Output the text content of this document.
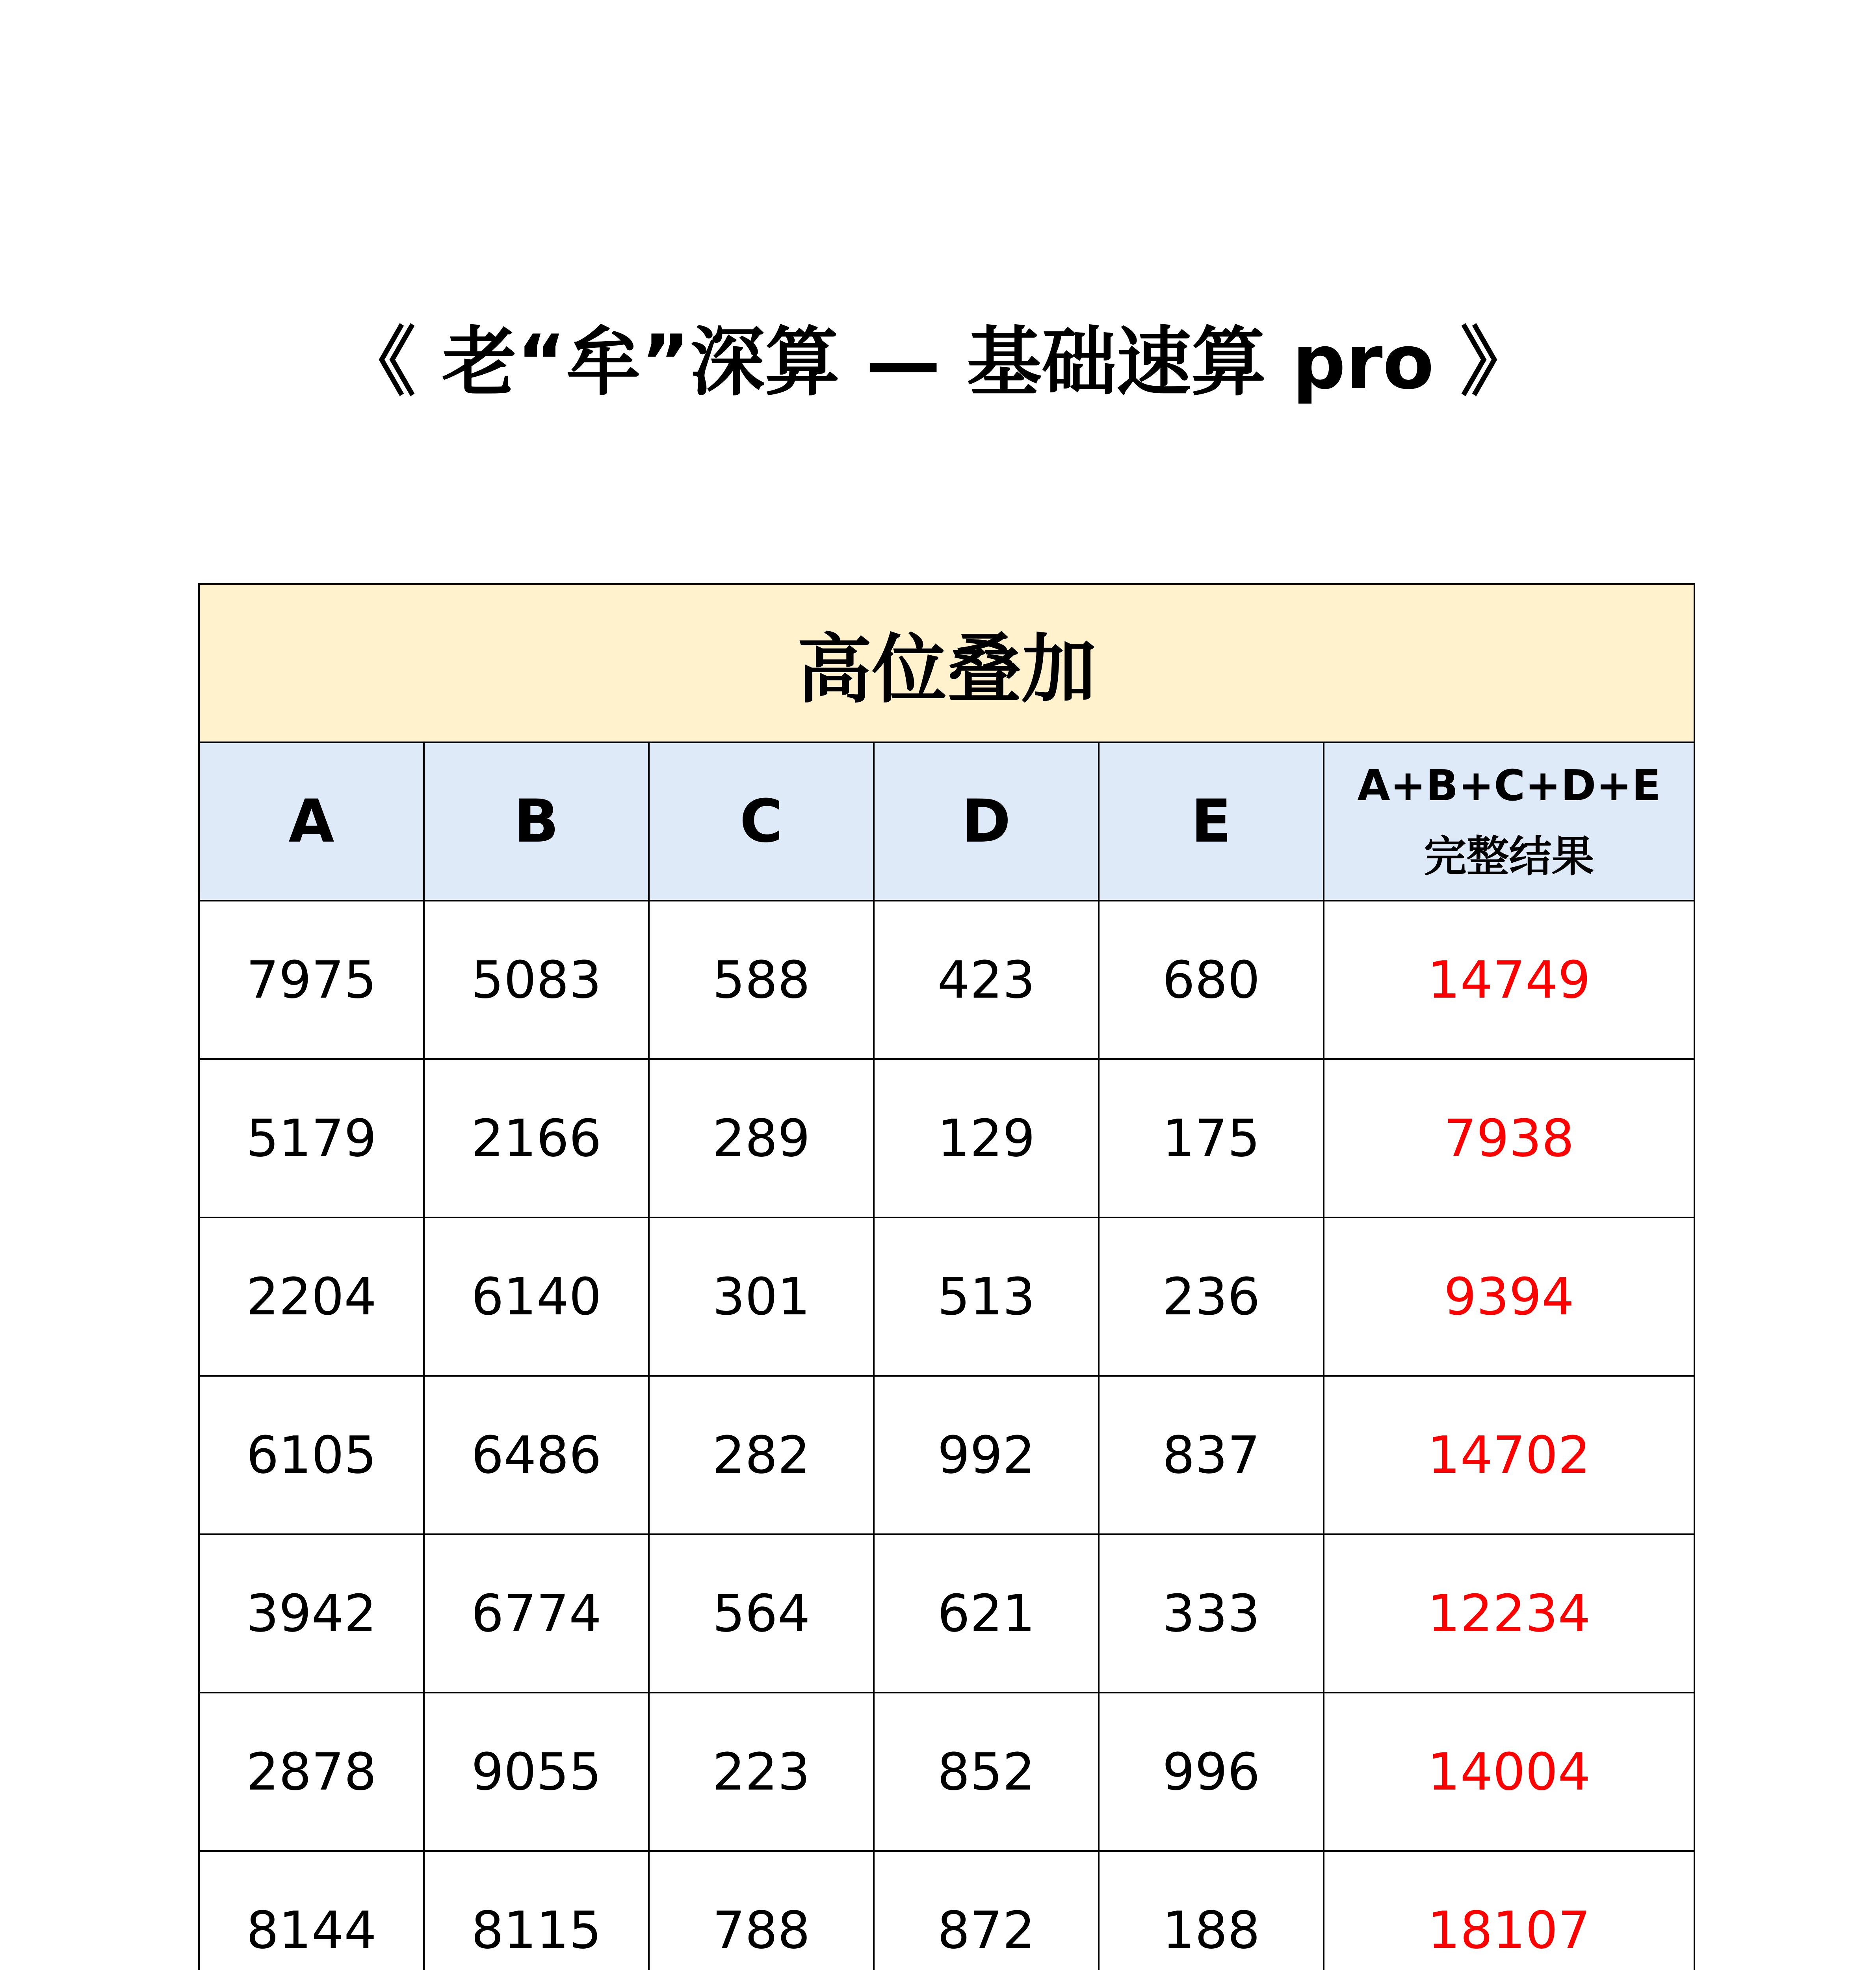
《 老“牟”深算 — 基础速算 pro 》
高位叠加					
A	B	C	D	E	A+B+C+D+E
完整结果

7975	5083	588	423	680	14749
5179	2166	289	129	175	7938
2204	6140	301	513	236	9394
6105	6486	282	992	837	14702
3942	6774	564	621	333	12234
2878	9055	223	852	996	14004
8144	8115	788	872	188	18107
